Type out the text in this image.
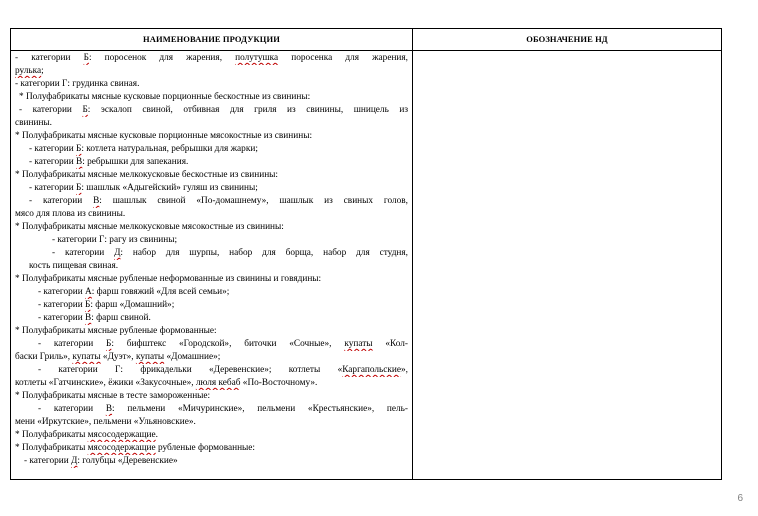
НАИМЕНОВАНИЕ ПРОДУКЦИИ	ОБОЗНАЧЕНИЕ НД
- категории Б: поросенок для жарения, полутушка поросенка для жарения,
рулька;
- категории Г: грудинка свиная.
* Полуфабрикаты мясные кусковые порционные бескостные из свинины:
- категории Б: эскалоп свиной, отбивная для гриля из свинины, шницель из
свинины.
* Полуфабрикаты мясные кусковые порционные мясокостные из свинины:
- категории Б: котлета натуральная, ребрышки для жарки;
- категории В: ребрышки для запекания.
* Полуфабрикаты мясные мелкокусковые бескостные из свинины:
- категории Б: шашлык «Адыгейский» гуляш из свинины;
- категории В: шашлык свиной «По-домашнему», шашлык из свиных голов,
мясо для плова из свинины.
* Полуфабрикаты мясные мелкокусковые мясокостные из свинины:
- категории Г: рагу из свинины;
- категории Д: набор для шурпы, набор для борща, набор для студня,
кость пищевая свиная.
* Полуфабрикаты мясные рубленые неформованные из свинины и говядины:
- категории А: фарш говяжий «Для всей семьи»;
- категории Б: фарш «Домашний»;
- категории В: фарш свиной.
* Полуфабрикаты мясные рубленые формованные:
- категории Б: бифштекс «Городской», биточки «Сочные», купаты «Кол-
баски Гриль», купаты «Дуэт», купаты «Домашние»;
- категории Г: фрикадельки «Деревенские»; котлеты «Каргапольские»,
котлеты «Гатчинские», ёжики «Закусочные», люля кебаб «По-Восточному».
* Полуфабрикаты мясные в тесте замороженные:
- категории В: пельмени «Мичуринские», пельмени «Крестьянские», пель-
мени «Иркутские», пельмени «Ульяновские».
* Полуфабрикаты мясосодержащие.
* Полуфабрикаты мясосодержащие рубленые формованные:
- категории Д: голубцы «Деревенские»
6
